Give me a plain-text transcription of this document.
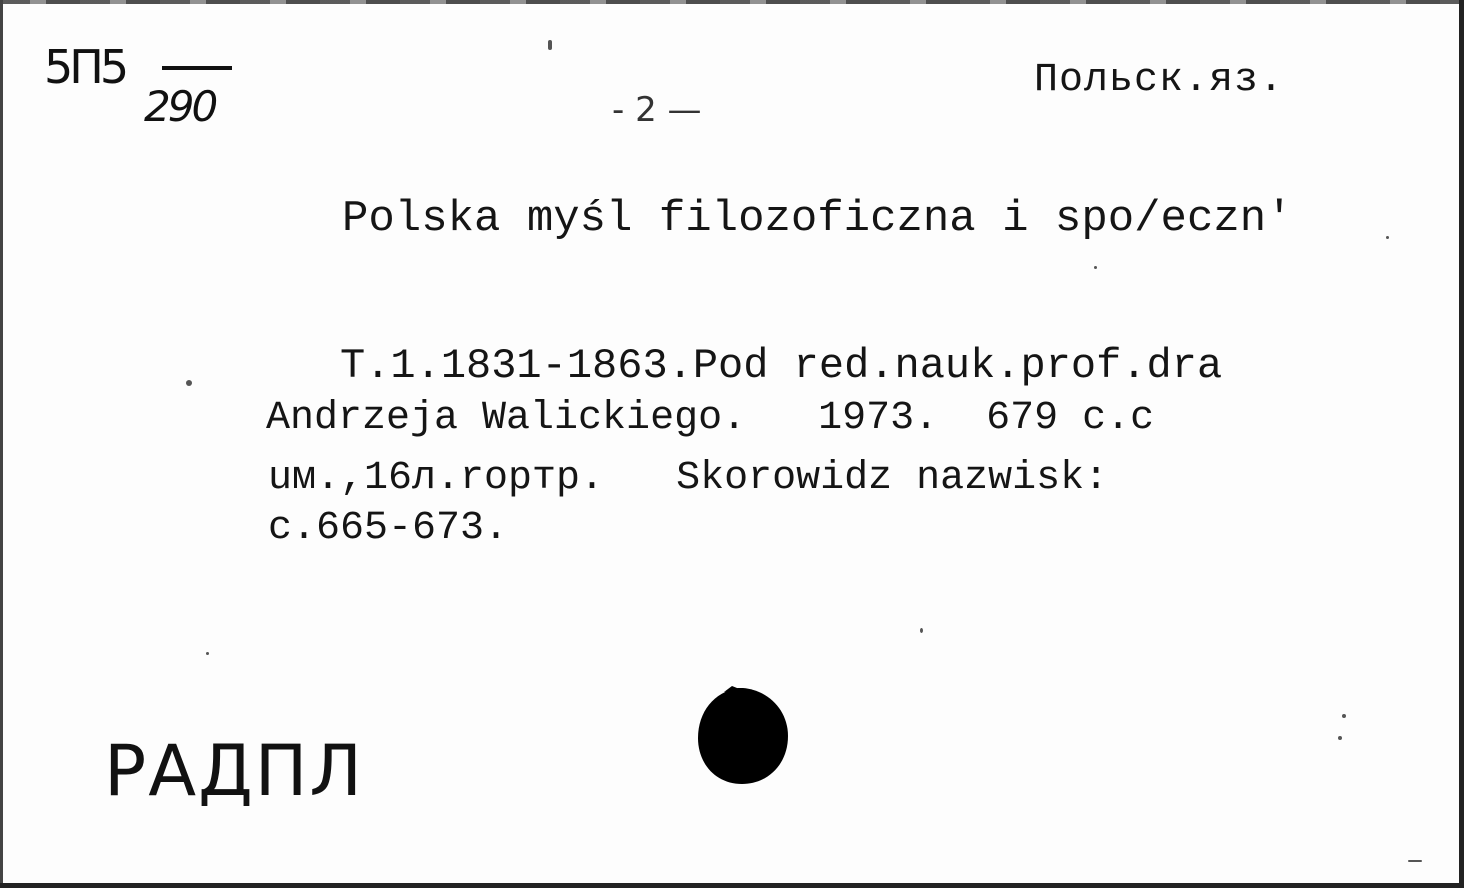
5П5

290

Польск.яз.
- 2 —
Polska myśl filozoficzna i spo/eczn'
T.1.1831-1863.Pod red.nauk.prof.dra
Andrzeja Walickiego.   1973.  679 c.c
uм.,16л.ropтp.   Skorowidz nazwisk:
c.665-673.
РАДПЛ
